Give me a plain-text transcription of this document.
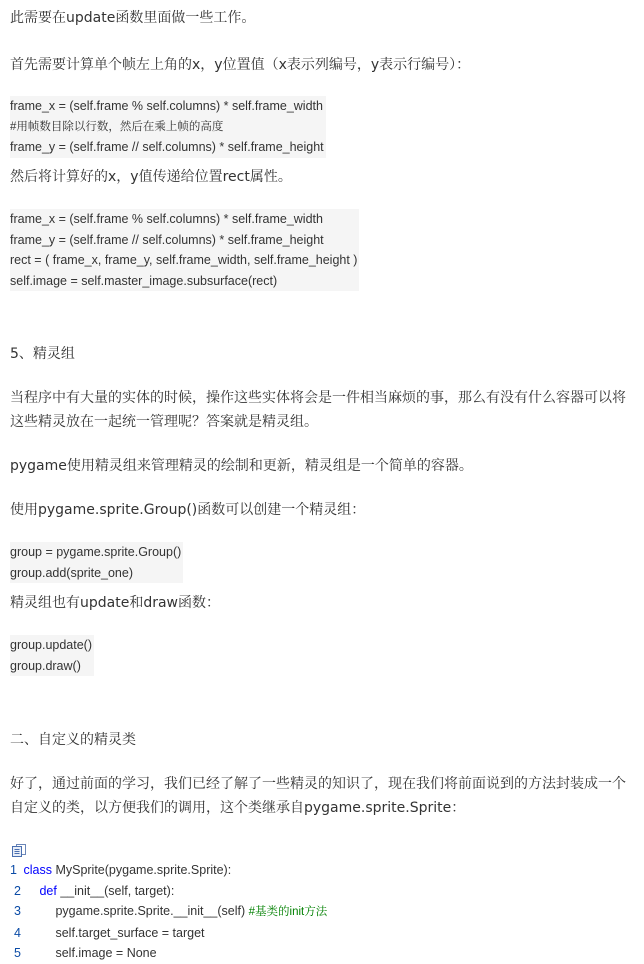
此需要在update函数里面做一些工作。

首先需要计算单个帧左上角的x，y位置值（x表示列编号，y表示行编号）：

frame_x = (self.frame % self.columns) * self.frame_width
#用帧数目除以行数，然后在乘上帧的高度
frame_y = (self.frame // self.columns) * self.frame_height

然后将计算好的x，y值传递给位置rect属性。

frame_x = (self.frame % self.columns) * self.frame_width
frame_y = (self.frame // self.columns) * self.frame_height
rect = ( frame_x, frame_y, self.frame_width, self.frame_height )
self.image = self.master_image.subsurface(rect)

5、精灵组

当程序中有大量的实体的时候，操作这些实体将会是一件相当麻烦的事，那么有没有什么容器可以将

这些精灵放在一起统一管理呢？答案就是精灵组。

pygame使用精灵组来管理精灵的绘制和更新，精灵组是一个简单的容器。

使用pygame.sprite.Group()函数可以创建一个精灵组：

group = pygame.sprite.Group()
group.add(sprite_one)

精灵组也有update和draw函数：

group.update()
group.draw()

二、自定义的精灵类

好了，通过前面的学习，我们已经了解了一些精灵的知识了，现在我们将前面说到的方法封装成一个

自定义的类，以方便我们的调用，这个类继承自pygame.sprite.Sprite：

1 class MySprite(pygame.sprite.Sprite):
2 def __init__(self, target):
3	pygame.sprite.Sprite.__init__(self) #基类的init方法
4	self.target_surface = target
5	self.image = None
